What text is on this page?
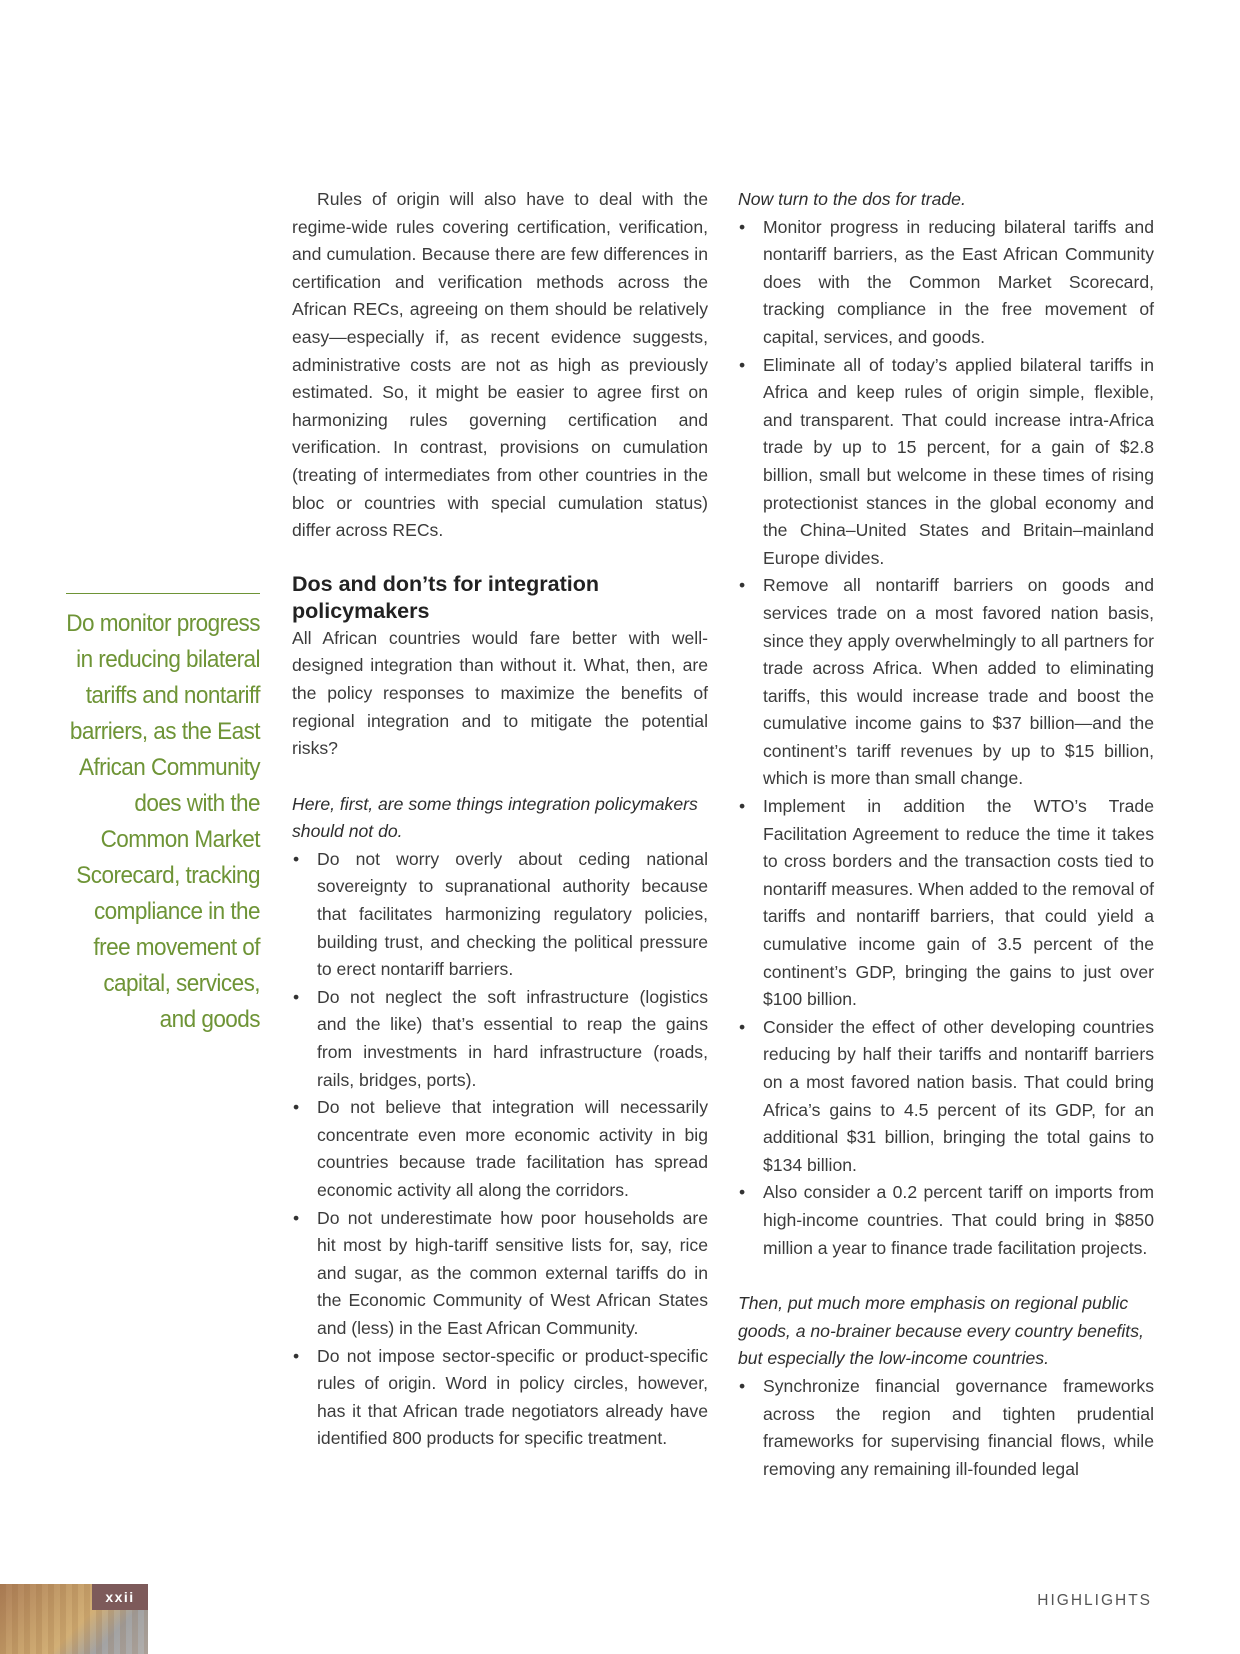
Do monitor progress in reducing bilateral tariffs and nontariff barriers, as the East African Community does with the Common Market Scorecard, tracking compliance in the free movement of capital, services, and goods

Rules of origin will also have to deal with the regime-wide rules covering certification, verification, and cumulation. Because there are few differences in certification and verification methods across the African RECs, agreeing on them should be relatively easy—especially if, as recent evidence suggests, administrative costs are not as high as previously estimated. So, it might be easier to agree first on harmonizing rules governing certification and verification. In contrast, provisions on cumulation (treating of intermediates from other countries in the bloc or countries with special cumulation status) differ across RECs.

Dos and don’ts for integration policymakers

All African countries would fare better with well-designed integration than without it. What, then, are the policy responses to maximize the benefits of regional integration and to mitigate the potential risks?

Here, first, are some things integration policymakers should not do.

• Do not worry overly about ceding national sovereignty to supranational authority because that facilitates harmonizing regulatory policies, building trust, and checking the political pressure to erect nontariff barriers.
• Do not neglect the soft infrastructure (logistics and the like) that’s essential to reap the gains from investments in hard infrastructure (roads, rails, bridges, ports).
• Do not believe that integration will necessarily concentrate even more economic activity in big countries because trade facilitation has spread economic activity all along the corridors.
• Do not underestimate how poor households are hit most by high-tariff sensitive lists for, say, rice and sugar, as the common external tariffs do in the Economic Community of West African States and (less) in the East African Community.
• Do not impose sector-specific or product-specific rules of origin. Word in policy circles, however, has it that African trade negotiators already have identified 800 products for specific treatment.

Now turn to the dos for trade.

• Monitor progress in reducing bilateral tariffs and nontariff barriers, as the East African Community does with the Common Market Scorecard, tracking compliance in the free movement of capital, services, and goods.
• Eliminate all of today’s applied bilateral tariffs in Africa and keep rules of origin simple, flexible, and transparent. That could increase intra-Africa trade by up to 15 percent, for a gain of $2.8 billion, small but welcome in these times of rising protectionist stances in the global economy and the China–United States and Britain–mainland Europe divides.
• Remove all nontariff barriers on goods and services trade on a most favored nation basis, since they apply overwhelmingly to all partners for trade across Africa. When added to eliminating tariffs, this would increase trade and boost the cumulative income gains to $37 billion—and the continent’s tariff revenues by up to $15 billion, which is more than small change.
• Implement in addition the WTO’s Trade Facilitation Agreement to reduce the time it takes to cross borders and the transaction costs tied to nontariff measures. When added to the removal of tariffs and nontariff barriers, that could yield a cumulative income gain of 3.5 percent of the continent’s GDP, bringing the gains to just over $100 billion.
• Consider the effect of other developing countries reducing by half their tariffs and nontariff barriers on a most favored nation basis. That could bring Africa’s gains to 4.5 percent of its GDP, for an additional $31 billion, bringing the total gains to $134 billion.
• Also consider a 0.2 percent tariff on imports from high-income countries. That could bring in $850 million a year to finance trade facilitation projects.

Then, put much more emphasis on regional public goods, a no-brainer because every country benefits, but especially the low-income countries.

• Synchronize financial governance frameworks across the region and tighten prudential frameworks for supervising financial flows, while removing any remaining ill-founded legal
xxii	HIGHLIGHTS
